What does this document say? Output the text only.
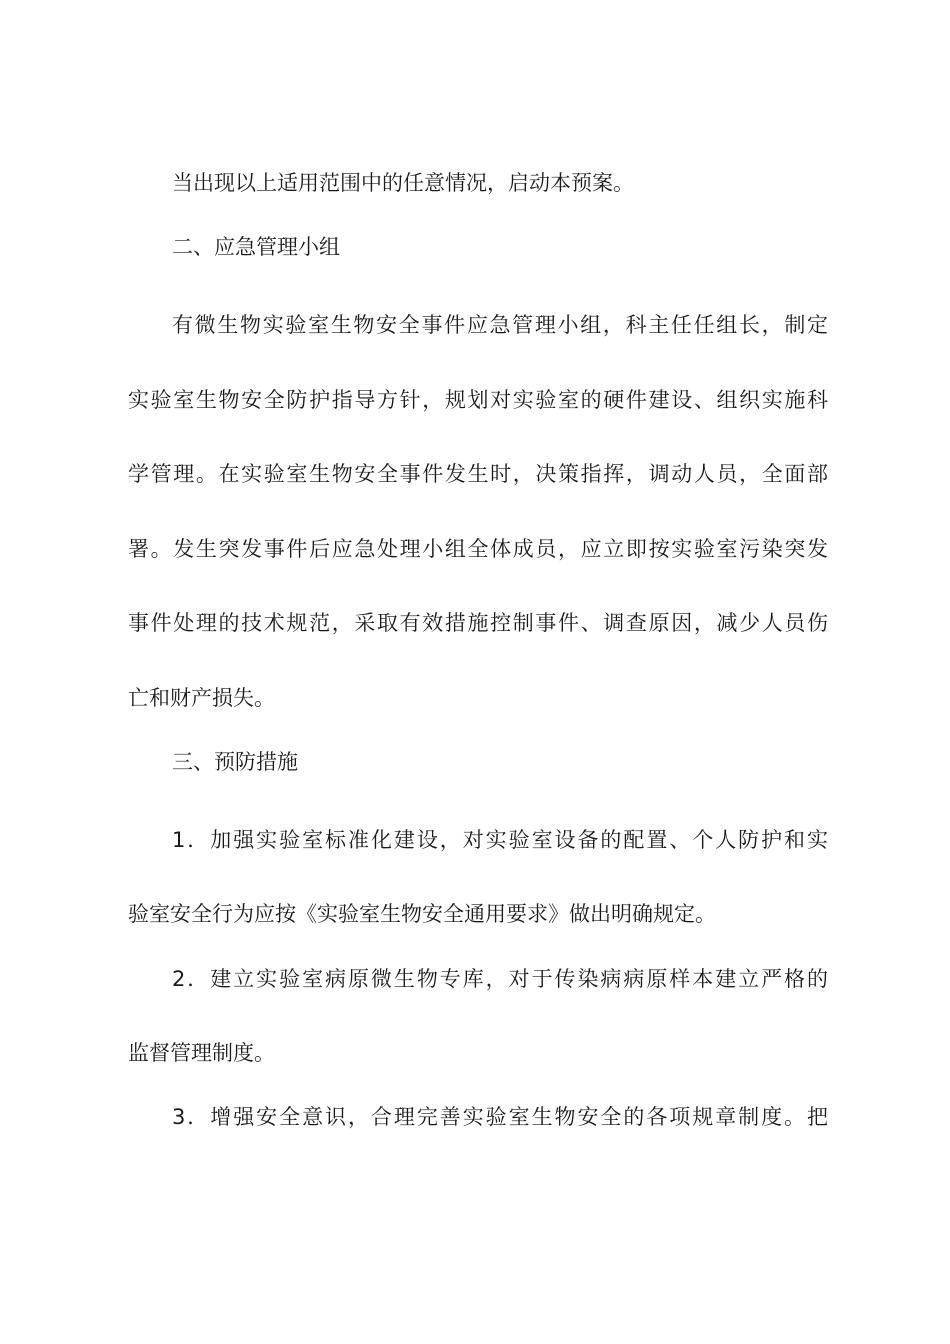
当出现以上适用范围中的任意情况，启动本预案。
二、应急管理小组
有微生物实验室生物安全事件应急管理小组，科主任任组长，制定
实验室生物安全防护指导方针，规划对实验室的硬件建设、组织实施科
学管理。在实验室生物安全事件发生时，决策指挥，调动人员，全面部
署。发生突发事件后应急处理小组全体成员，应立即按实验室污染突发
事件处理的技术规范，采取有效措施控制事件、调查原因，减少人员伤
亡和财产损失。
三、预防措施
1．加强实验室标准化建设，对实验室设备的配置、个人防护和实
验室安全行为应按《实验室生物安全通用要求》做出明确规定。
2．建立实验室病原微生物专库，对于传染病病原样本建立严格的
监督管理制度。
3．增强安全意识，合理完善实验室生物安全的各项规章制度。把
